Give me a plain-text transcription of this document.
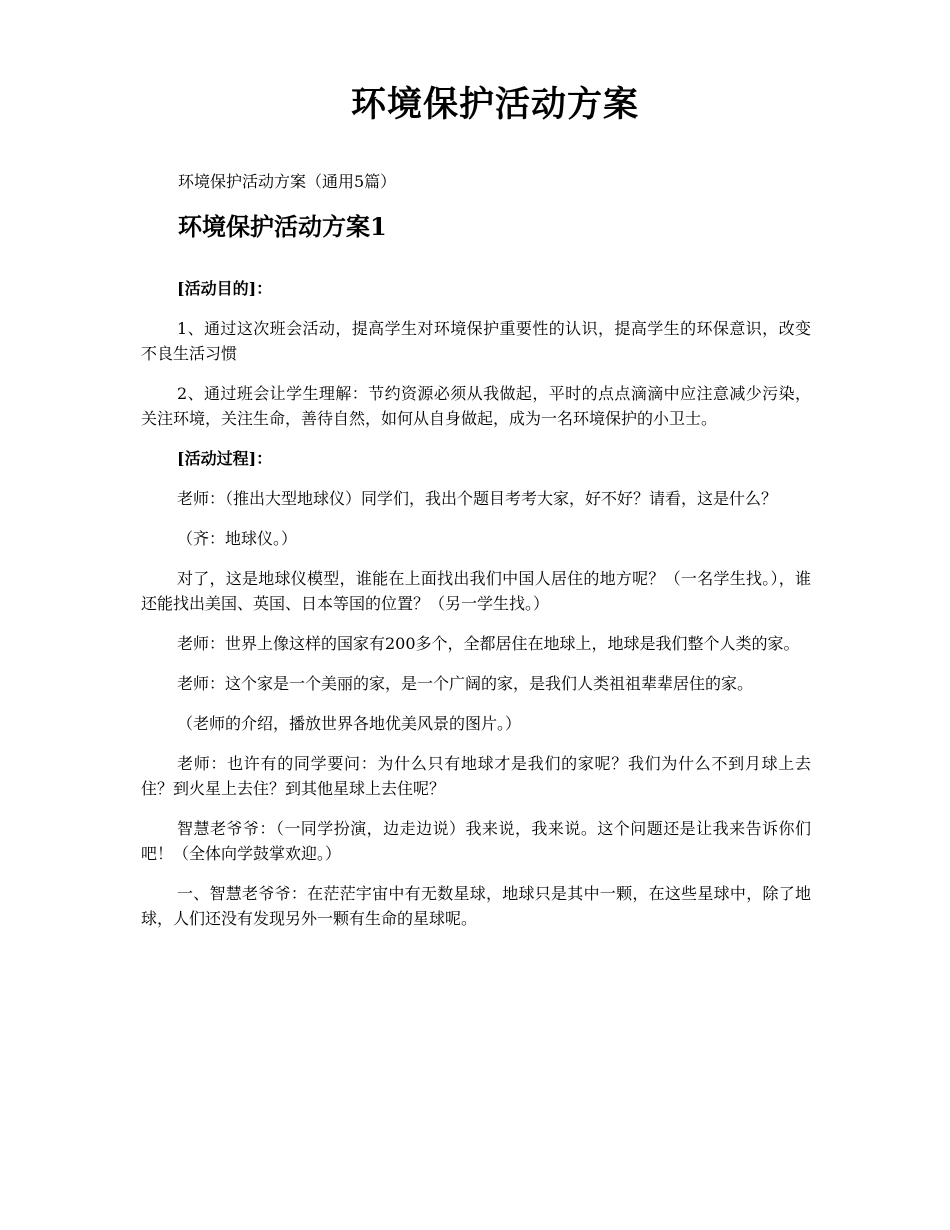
环境保护活动方案

环境保护活动方案（通用5篇）

环境保护活动方案1

[活动目的]：

1、通过这次班会活动，提高学生对环境保护重要性的认识，提高学生的环保意识，改变不良生活习惯

2、通过班会让学生理解：节约资源必须从我做起，平时的点点滴滴中应注意减少污染，关注环境，关注生命，善待自然，如何从自身做起，成为一名环境保护的小卫士。

[活动过程]：

老师：（推出大型地球仪）同学们，我出个题目考考大家，好不好？请看，这是什么？

（齐：地球仪。）

对了，这是地球仪模型，谁能在上面找出我们中国人居住的地方呢？（一名学生找。），谁还能找出美国、英国、日本等国的位置？（另一学生找。）

老师：世界上像这样的国家有200多个，全都居住在地球上，地球是我们整个人类的家。

老师：这个家是一个美丽的家，是一个广阔的家，是我们人类祖祖辈辈居住的家。

（老师的介绍，播放世界各地优美风景的图片。）

老师：也许有的同学要问：为什么只有地球才是我们的家呢？我们为什么不到月球上去住？到火星上去住？到其他星球上去住呢？

智慧老爷爷：（一同学扮演，边走边说）我来说，我来说。这个问题还是让我来告诉你们吧！（全体向学鼓掌欢迎。）

一、智慧老爷爷：在茫茫宇宙中有无数星球，地球只是其中一颗，在这些星球中，除了地球，人们还没有发现另外一颗有生命的星球呢。
